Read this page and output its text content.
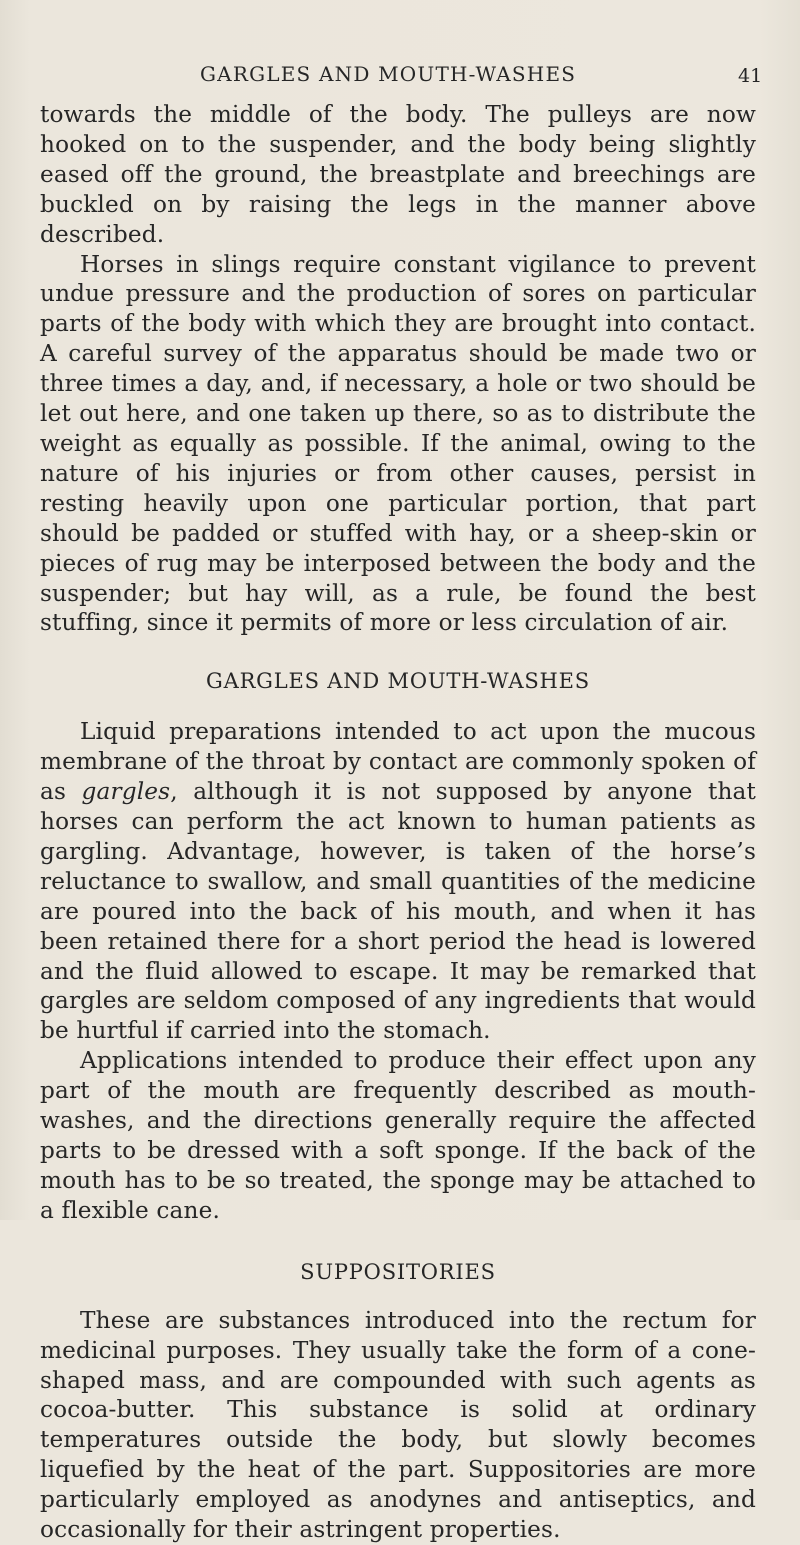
GARGLES AND MOUTH-WASHES	41

towards the middle of the body. The pulleys are now hooked on to the suspender, and the body being slightly eased off the ground, the breastplate and breechings are buckled on by raising the legs in the manner above described.

Horses in slings require constant vigilance to prevent undue pressure and the production of sores on particular parts of the body with which they are brought into contact. A careful survey of the apparatus should be made two or three times a day, and, if necessary, a hole or two should be let out here, and one taken up there, so as to distribute the weight as equally as possible. If the animal, owing to the nature of his injuries or from other causes, persist in resting heavily upon one particular portion, that part should be padded or stuffed with hay, or a sheep-skin or pieces of rug may be interposed between the body and the suspender; but hay will, as a rule, be found the best stuffing, since it permits of more or less circulation of air.

GARGLES AND MOUTH-WASHES

Liquid preparations intended to act upon the mucous membrane of the throat by contact are commonly spoken of as gargles, although it is not supposed by anyone that horses can perform the act known to human patients as gargling. Advantage, however, is taken of the horse’s reluctance to swallow, and small quantities of the medicine are poured into the back of his mouth, and when it has been retained there for a short period the head is lowered and the fluid allowed to escape. It may be remarked that gargles are seldom composed of any ingredients that would be hurtful if carried into the stomach.

Applications intended to produce their effect upon any part of the mouth are frequently described as mouth-washes, and the directions generally require the affected parts to be dressed with a soft sponge. If the back of the mouth has to be so treated, the sponge may be attached to a flexible cane.

SUPPOSITORIES

These are substances introduced into the rectum for medicinal purposes. They usually take the form of a cone-shaped mass, and are compounded with such agents as cocoa-butter. This substance is solid at ordinary temperatures outside the body, but slowly becomes liquefied by the heat of the part. Suppositories are more particularly employed as anodynes and antiseptics, and occasionally for their astringent properties.
